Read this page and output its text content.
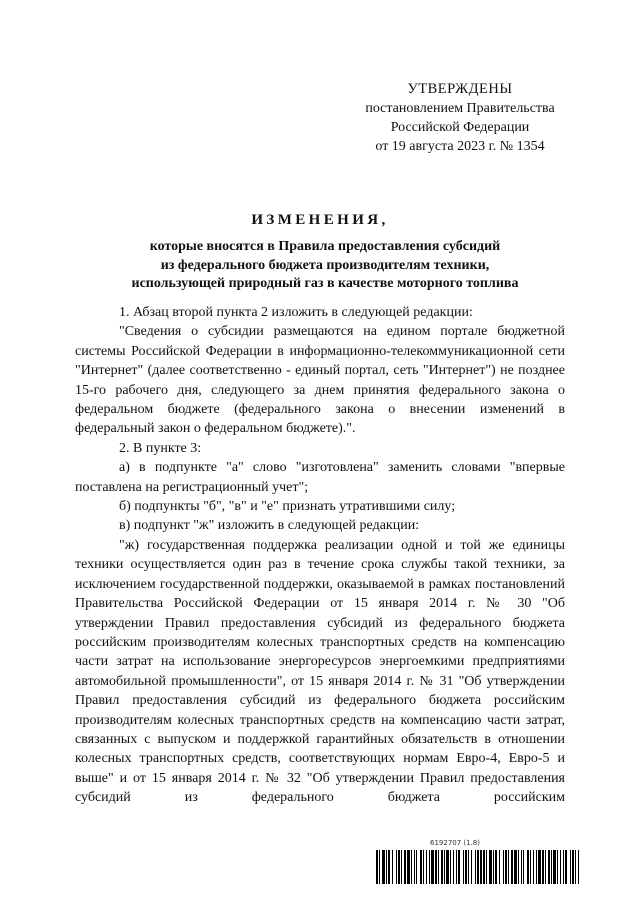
УТВЕРЖДЕНЫ
постановлением Правительства
Российской Федерации
от 19 августа 2023 г. № 1354
ИЗМЕНЕНИЯ,
которые вносятся в Правила предоставления субсидий
из федерального бюджета производителям техники,
использующей природный газ в качестве моторного топлива

1. Абзац второй пункта 2 изложить в следующей редакции:

"Сведения о субсидии размещаются на едином портале бюджетной системы Российской Федерации в информационно-телекоммуникационной сети "Интернет" (далее соответственно - единый портал, сеть "Интернет") не позднее 15-го рабочего дня, следующего за днем принятия федерального закона о федеральном бюджете (федерального закона о внесении изменений в федеральный закон о федеральном бюджете).".

2. В пункте 3:

а) в подпункте "а" слово "изготовлена" заменить словами "впервые поставлена на регистрационный учет";

б) подпункты "б", "в" и "е" признать утратившими силу;

в) подпункт "ж" изложить в следующей редакции:

"ж) государственная поддержка реализации одной и той же единицы техники осуществляется один раз в течение срока службы такой техники, за исключением государственной поддержки, оказываемой в рамках постановлений Правительства Российской Федерации от 15 января 2014 г. № 30 "Об утверждении Правил предоставления субсидий из федерального бюджета российским производителям колесных транспортных средств на компенсацию части затрат на использование энергоресурсов энергоемкими предприятиями автомобильной промышленности", от 15 января 2014 г. № 31 "Об утверждении Правил предоставления субсидий из федерального бюджета российским производителям колесных транспортных средств на компенсацию части затрат, связанных с выпуском и поддержкой гарантийных обязательств в отношении колесных транспортных средств, соответствующих нормам Евро-4, Евро-5 и выше" и от 15 января 2014 г. № 32 "Об утверждении Правил предоставления субсидий из федерального бюджета российским

6192707 (1.8)
